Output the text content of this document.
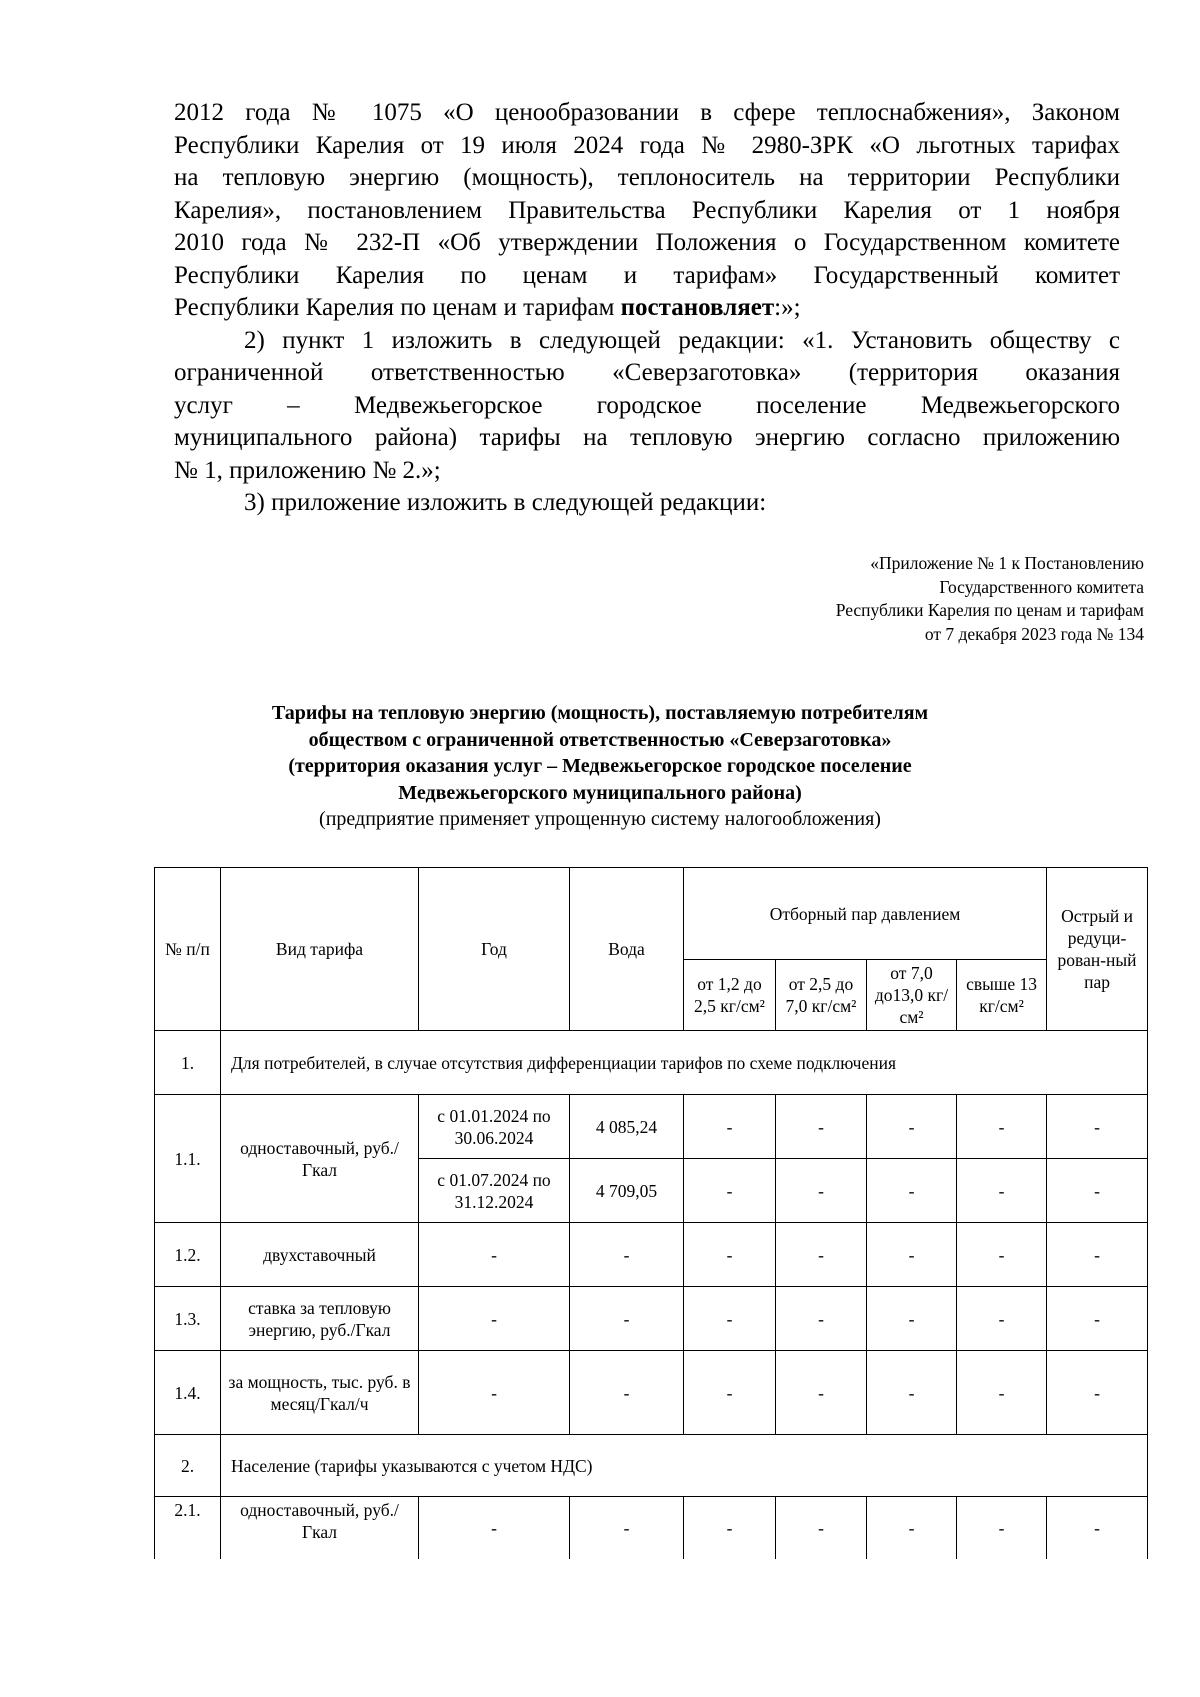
2012 года № 1075 «О ценообразовании в сфере теплоснабжения», Законом

Республики Карелия от 19 июля 2024 года № 2980-ЗРК «О льготных тарифах

на тепловую энергию (мощность), теплоноситель на территории Республики

Карелия», постановлением Правительства Республики Карелия от 1 ноября

2010 года № 232-П «Об утверждении Положения о Государственном комитете

Республики Карелия по ценам и тарифам» Государственный комитет

Республики Карелия по ценам и тарифам постановляет:»;

2) пункт 1 изложить в следующей редакции: «1. Установить обществу с

ограниченной ответственностью «Северзаготовка» (территория оказания

услуг – Медвежьегорское городское поселение Медвежьегорского

муниципального района) тарифы на тепловую энергию согласно приложению

№ 1, приложению № 2.»;

3) приложение изложить в следующей редакции:

«Приложение № 1 к Постановлению
Государственного комитета
Республики Карелия по ценам и тарифам
от 7 декабря 2023 года № 134
Тарифы на тепловую энергию (мощность), поставляемую потребителям
обществом с ограниченной ответственностью «Северзаготовка»
(территория оказания услуг – Медвежьегорское городское поселение
Медвежьегорского муниципального района)
(предприятие применяет упрощенную систему налогообложения)
№ п/п	Вид тарифа	Год	Вода	Отборный пар давлением				Острый и редуци-рован-ный пар
				от 1,2 до 2,5 кг/см²	от 2,5 до 7,0 кг/см²	от 7,0 до13,0 кг/см²	свыше 13 кг/см²	
1.	Для потребителей, в случае отсутствия дифференциации тарифов по схеме подключения							
1.1.	одноставочный, руб./Гкал	с 01.01.2024 по 30.06.2024	4 085,24	-	-	-	-	-
		с 01.07.2024 по 31.12.2024	4 709,05	-	-	-	-	-
1.2.	двухставочный	-	-	-	-	-	-	-
1.3.	ставка за тепловую энергию, руб./Гкал	-	-	-	-	-	-	-
1.4.	за мощность, тыс. руб. в месяц/Гкал/ч	-	-	-	-	-	-	-
2.	Население (тарифы указываются с учетом НДС)							
2.1.	одноставочный, руб./Гкал	-	-	-	-	-	-	-
